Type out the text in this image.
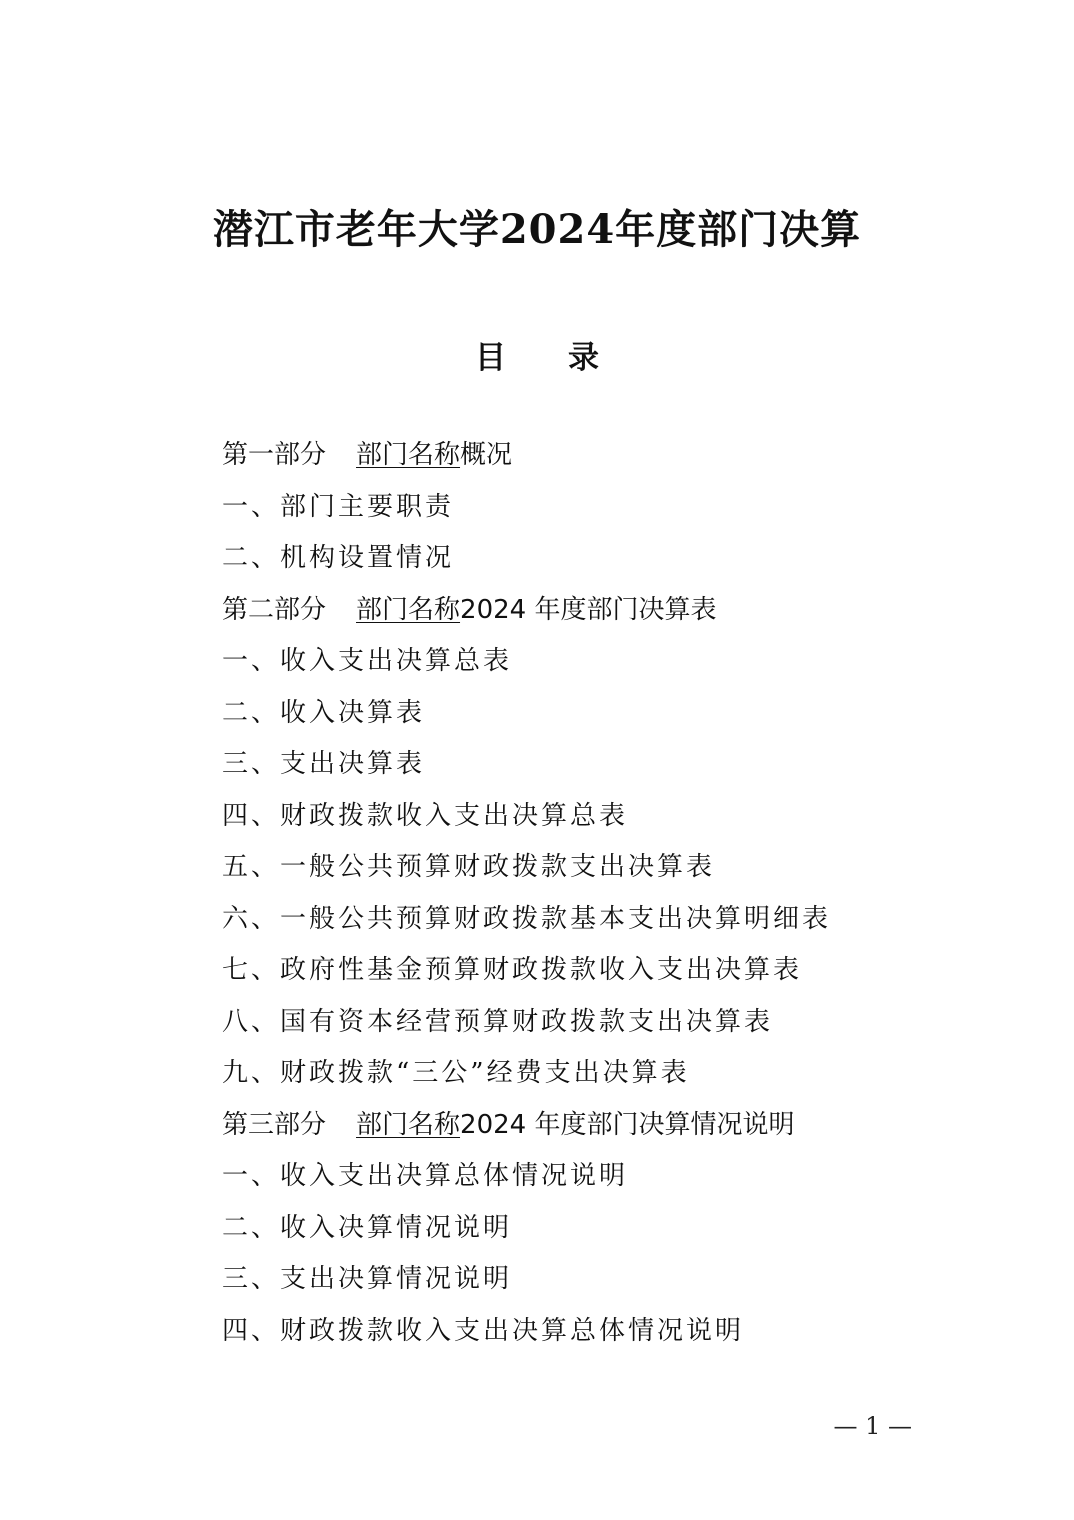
潜江市老年大学2024年度部门决算
目 录
第一部分 部门名称概况
一、部门主要职责
二、机构设置情况
第二部分 部门名称2024 年度部门决算表
一、收入支出决算总表
二、收入决算表
三、支出决算表
四、财政拨款收入支出决算总表
五、一般公共预算财政拨款支出决算表
六、一般公共预算财政拨款基本支出决算明细表
七、政府性基金预算财政拨款收入支出决算表
八、国有资本经营预算财政拨款支出决算表
九、财政拨款“三公”经费支出决算表
第三部分 部门名称2024 年度部门决算情况说明
一、收入支出决算总体情况说明
二、收入决算情况说明
三、支出决算情况说明
四、财政拨款收入支出决算总体情况说明
— 1 —
